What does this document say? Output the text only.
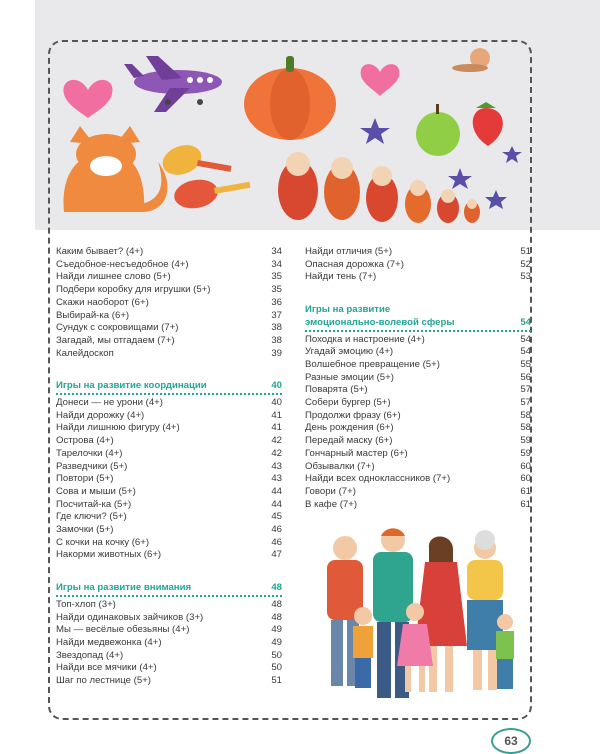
Каким бывает? (4+)	34
Съедобное-несъедобное (4+)	34
Найди лишнее слово (5+)	35
Подбери коробку для игрушки (5+)	35
Скажи наоборот (6+)	36
Выбирай-ка (6+)	37
Сундук с сокровищами (7+)	38
Загадай, мы отгадаем (7+)	38
Калейдоскоп	39
Игры на развитие координации	40
Донеси — не урони (4+)	40
Найди дорожку (4+)	41
Найди лишнюю фигуру (4+)	41
Острова (4+)	42
Тарелочки (4+)	42
Разведчики (5+)	43
Повтори (5+)	43
Сова и мыши (5+)	44
Посчитай-ка (5+)	44
Где ключи? (5+)	45
Замочки (5+)	46
С кочки на кочку (6+)	46
Накорми животных (6+)	47
Игры на развитие внимания	48
Топ-хлоп (3+)	48
Найди одинаковых зайчиков (3+)	48
Мы — весёлые обезьяны (4+)	49
Найди медвежонка (4+)	49
Звездопад (4+)	50
Найди все мячики (4+)	50
Шаг по лестнице (5+)	51
Найди отличия (5+)	51
Опасная дорожка (7+)	52
Найди тень (7+)	53
Игры на развитие
эмоционально-волевой сферы	54
Походка и настроение (4+)	54
Угадай эмоцию (4+)	54
Волшебное превращение (5+)	55
Разные эмоции (5+)	56
Поварята (5+)	57
Собери бургер (5+)	57
Продолжи фразу (6+)	58
День рождения (6+)	58
Передай маску (6+)	59
Гончарный мастер (6+)	59
Обзывалки (7+)	60
Найди всех одноклассников (7+)	60
Говори (7+)	61
В кафе (7+)	61
63
